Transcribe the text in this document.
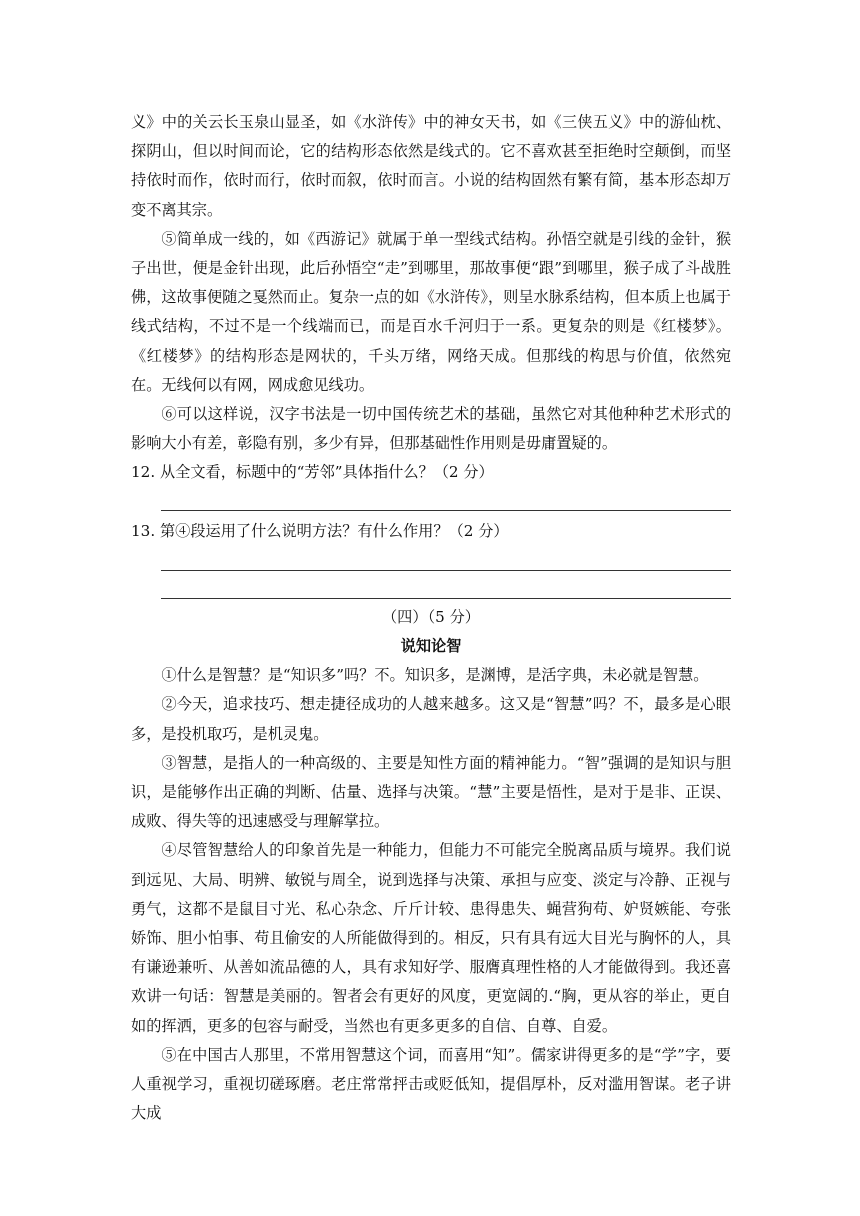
义》中的关云长玉泉山显圣，如《水浒传》中的神女天书，如《三侠五义》中的游仙枕、探阴山，但以时间而论，它的结构形态依然是线式的。它不喜欢甚至拒绝时空颠倒，而坚持依时而作，依时而行，依时而叙，依时而言。小说的结构固然有繁有简，基本形态却万变不离其宗。

⑤简单成一线的，如《西游记》就属于单一型线式结构。孙悟空就是引线的金针，猴子出世，便是金针出现，此后孙悟空“走”到哪里，那故事便“跟”到哪里，猴子成了斗战胜佛，这故事便随之戛然而止。复杂一点的如《水浒传》，则呈水脉系结构，但本质上也属于线式结构，不过不是一个线端而已，而是百水千河归于一系。更复杂的则是《红楼梦》。《红楼梦》的结构形态是网状的，千头万绪，网络天成。但那线的构思与价值，依然宛在。无线何以有网，网成愈见线功。

⑥可以这样说，汉字书法是一切中国传统艺术的基础，虽然它对其他种种艺术形式的影响大小有差，彰隐有别，多少有异，但那基础性作用则是毋庸置疑的。

12. 从全文看，标题中的“芳邻”具体指什么？（2 分）

13. 第④段运用了什么说明方法？有什么作用？（2 分）

（四）（5 分）

说知论智

①什么是智慧？是“知识多”吗？不。知识多，是渊博，是活字典，未必就是智慧。

②今天，追求技巧、想走捷径成功的人越来越多。这又是“智慧”吗？不，最多是心眼多，是投机取巧，是机灵鬼。

③智慧，是指人的一种高级的、主要是知性方面的精神能力。“智”强调的是知识与胆识，是能够作出正确的判断、估量、选择与决策。“慧”主要是悟性，是对于是非、正误、成败、得失等的迅速感受与理解掌拉。

④尽管智慧给人的印象首先是一种能力，但能力不可能完全脱离品质与境界。我们说到远见、大局、明辨、敏锐与周全，说到选择与决策、承担与应变、淡定与冷静、正视与勇气，这都不是鼠目寸光、私心杂念、斤斤计较、患得患失、蝇营狗苟、妒贤嫉能、夸张娇饰、胆小怕事、苟且偷安的人所能做得到的。相反，只有具有远大目光与胸怀的人，具有谦逊兼听、从善如流品德的人，具有求知好学、服膺真理性格的人才能做得到。我还喜欢讲一句话：智慧是美丽的。智者会有更好的风度，更宽阔的.“胸，更从容的举止，更自如的挥洒，更多的包容与耐受，当然也有更多更多的自信、自尊、自爱。

⑤在中国古人那里，不常用智慧这个词，而喜用“知”。儒家讲得更多的是“学”字，要人重视学习，重视切磋琢磨。老庄常常抨击或贬低知，提倡厚朴，反对滥用智谋。老子讲大成
